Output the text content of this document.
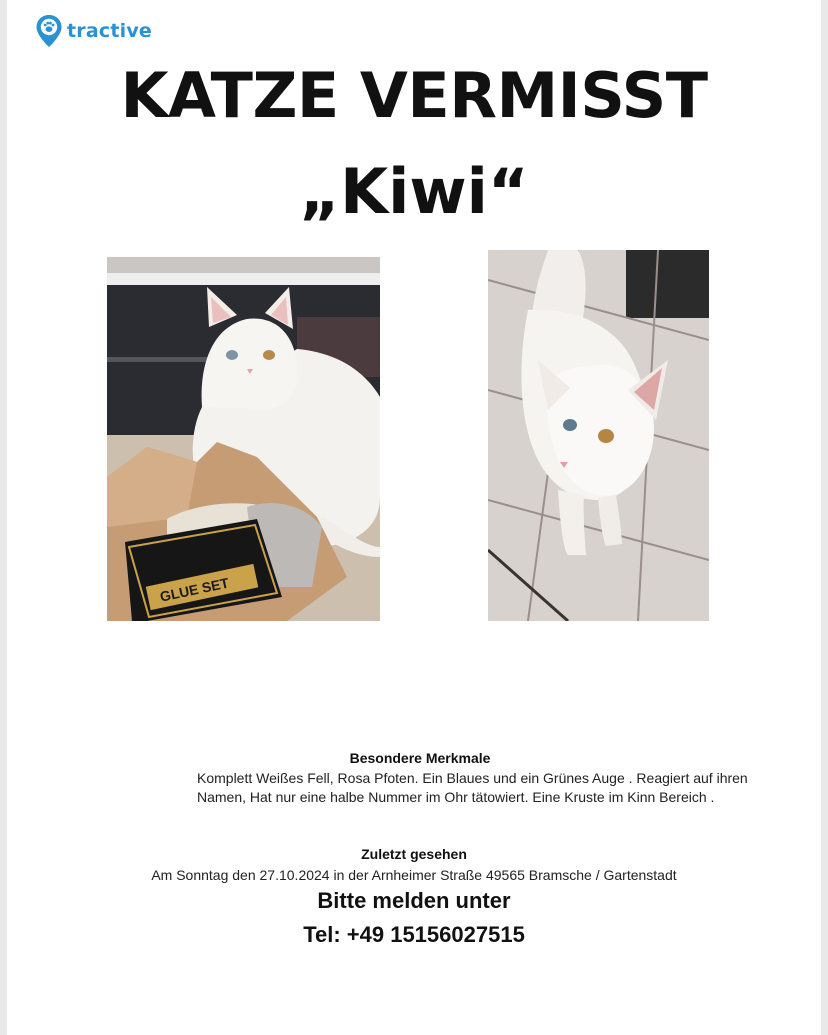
tractive
KATZE VERMISST
„Kiwi“
GLUE SET

Besondere Merkmale

Komplett Weißes Fell, Rosa Pfoten. Ein Blaues und ein Grünes Auge . Reagiert auf ihren Namen, Hat nur eine halbe Nummer im Ohr tätowiert. Eine Kruste im Kinn Bereich .

Zuletzt gesehen

Am Sonntag den 27.10.2024 in der Arnheimer Straße 49565 Bramsche / Gartenstadt

Bitte melden unter

Tel: +49 15156027515
